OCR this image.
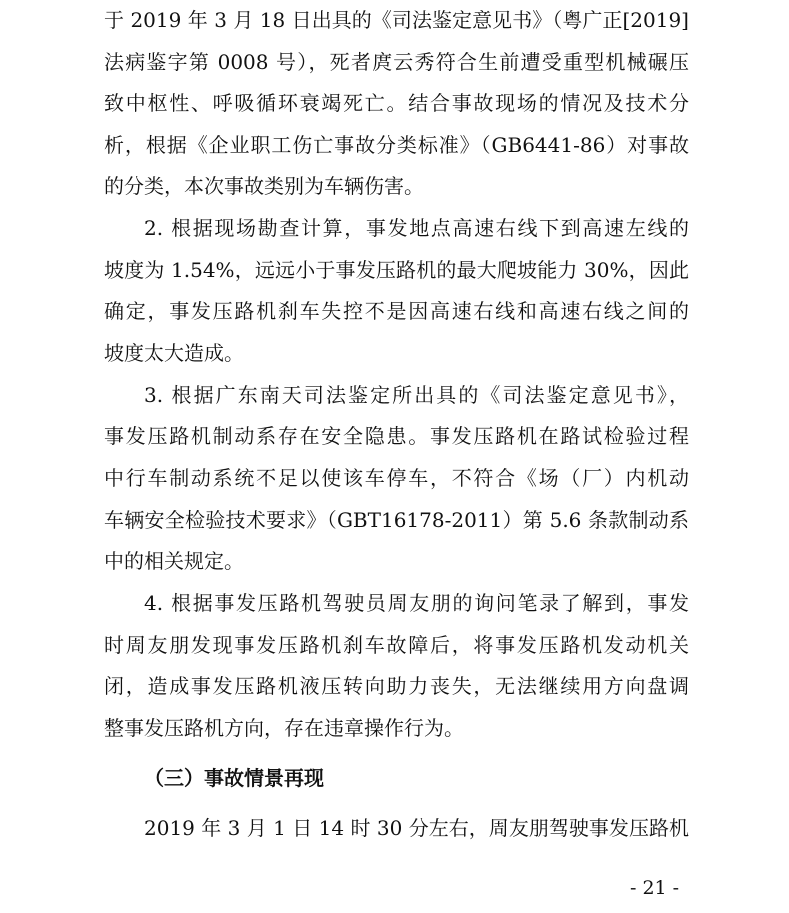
于 2019 年 3 月 18 日出具的《司法鉴定意见书》（粤广正[2019]
法病鉴字第 0008 号），死者庹云秀符合生前遭受重型机械碾压
致中枢性、呼吸循环衰竭死亡。结合事故现场的情况及技术分
析，根据《企业职工伤亡事故分类标准》（GB6441-86）对事故
的分类，本次事故类别为车辆伤害。
2. 根据现场勘查计算，事发地点高速右线下到高速左线的
坡度为 1.54%，远远小于事发压路机的最大爬坡能力 30%，因此
确定，事发压路机刹车失控不是因高速右线和高速右线之间的
坡度太大造成。
3. 根据广东南天司法鉴定所出具的《司法鉴定意见书》，
事发压路机制动系存在安全隐患。事发压路机在路试检验过程
中行车制动系统不足以使该车停车，不符合《场（厂）内机动
车辆安全检验技术要求》（GBT16178-2011）第 5.6 条款制动系
中的相关规定。
4. 根据事发压路机驾驶员周友朋的询问笔录了解到，事发
时周友朋发现事发压路机刹车故障后，将事发压路机发动机关
闭，造成事发压路机液压转向助力丧失，无法继续用方向盘调
整事发压路机方向，存在违章操作行为。
（三）事故情景再现
2019 年 3 月 1 日 14 时 30 分左右，周友朋驾驶事发压路机
- 21 -
